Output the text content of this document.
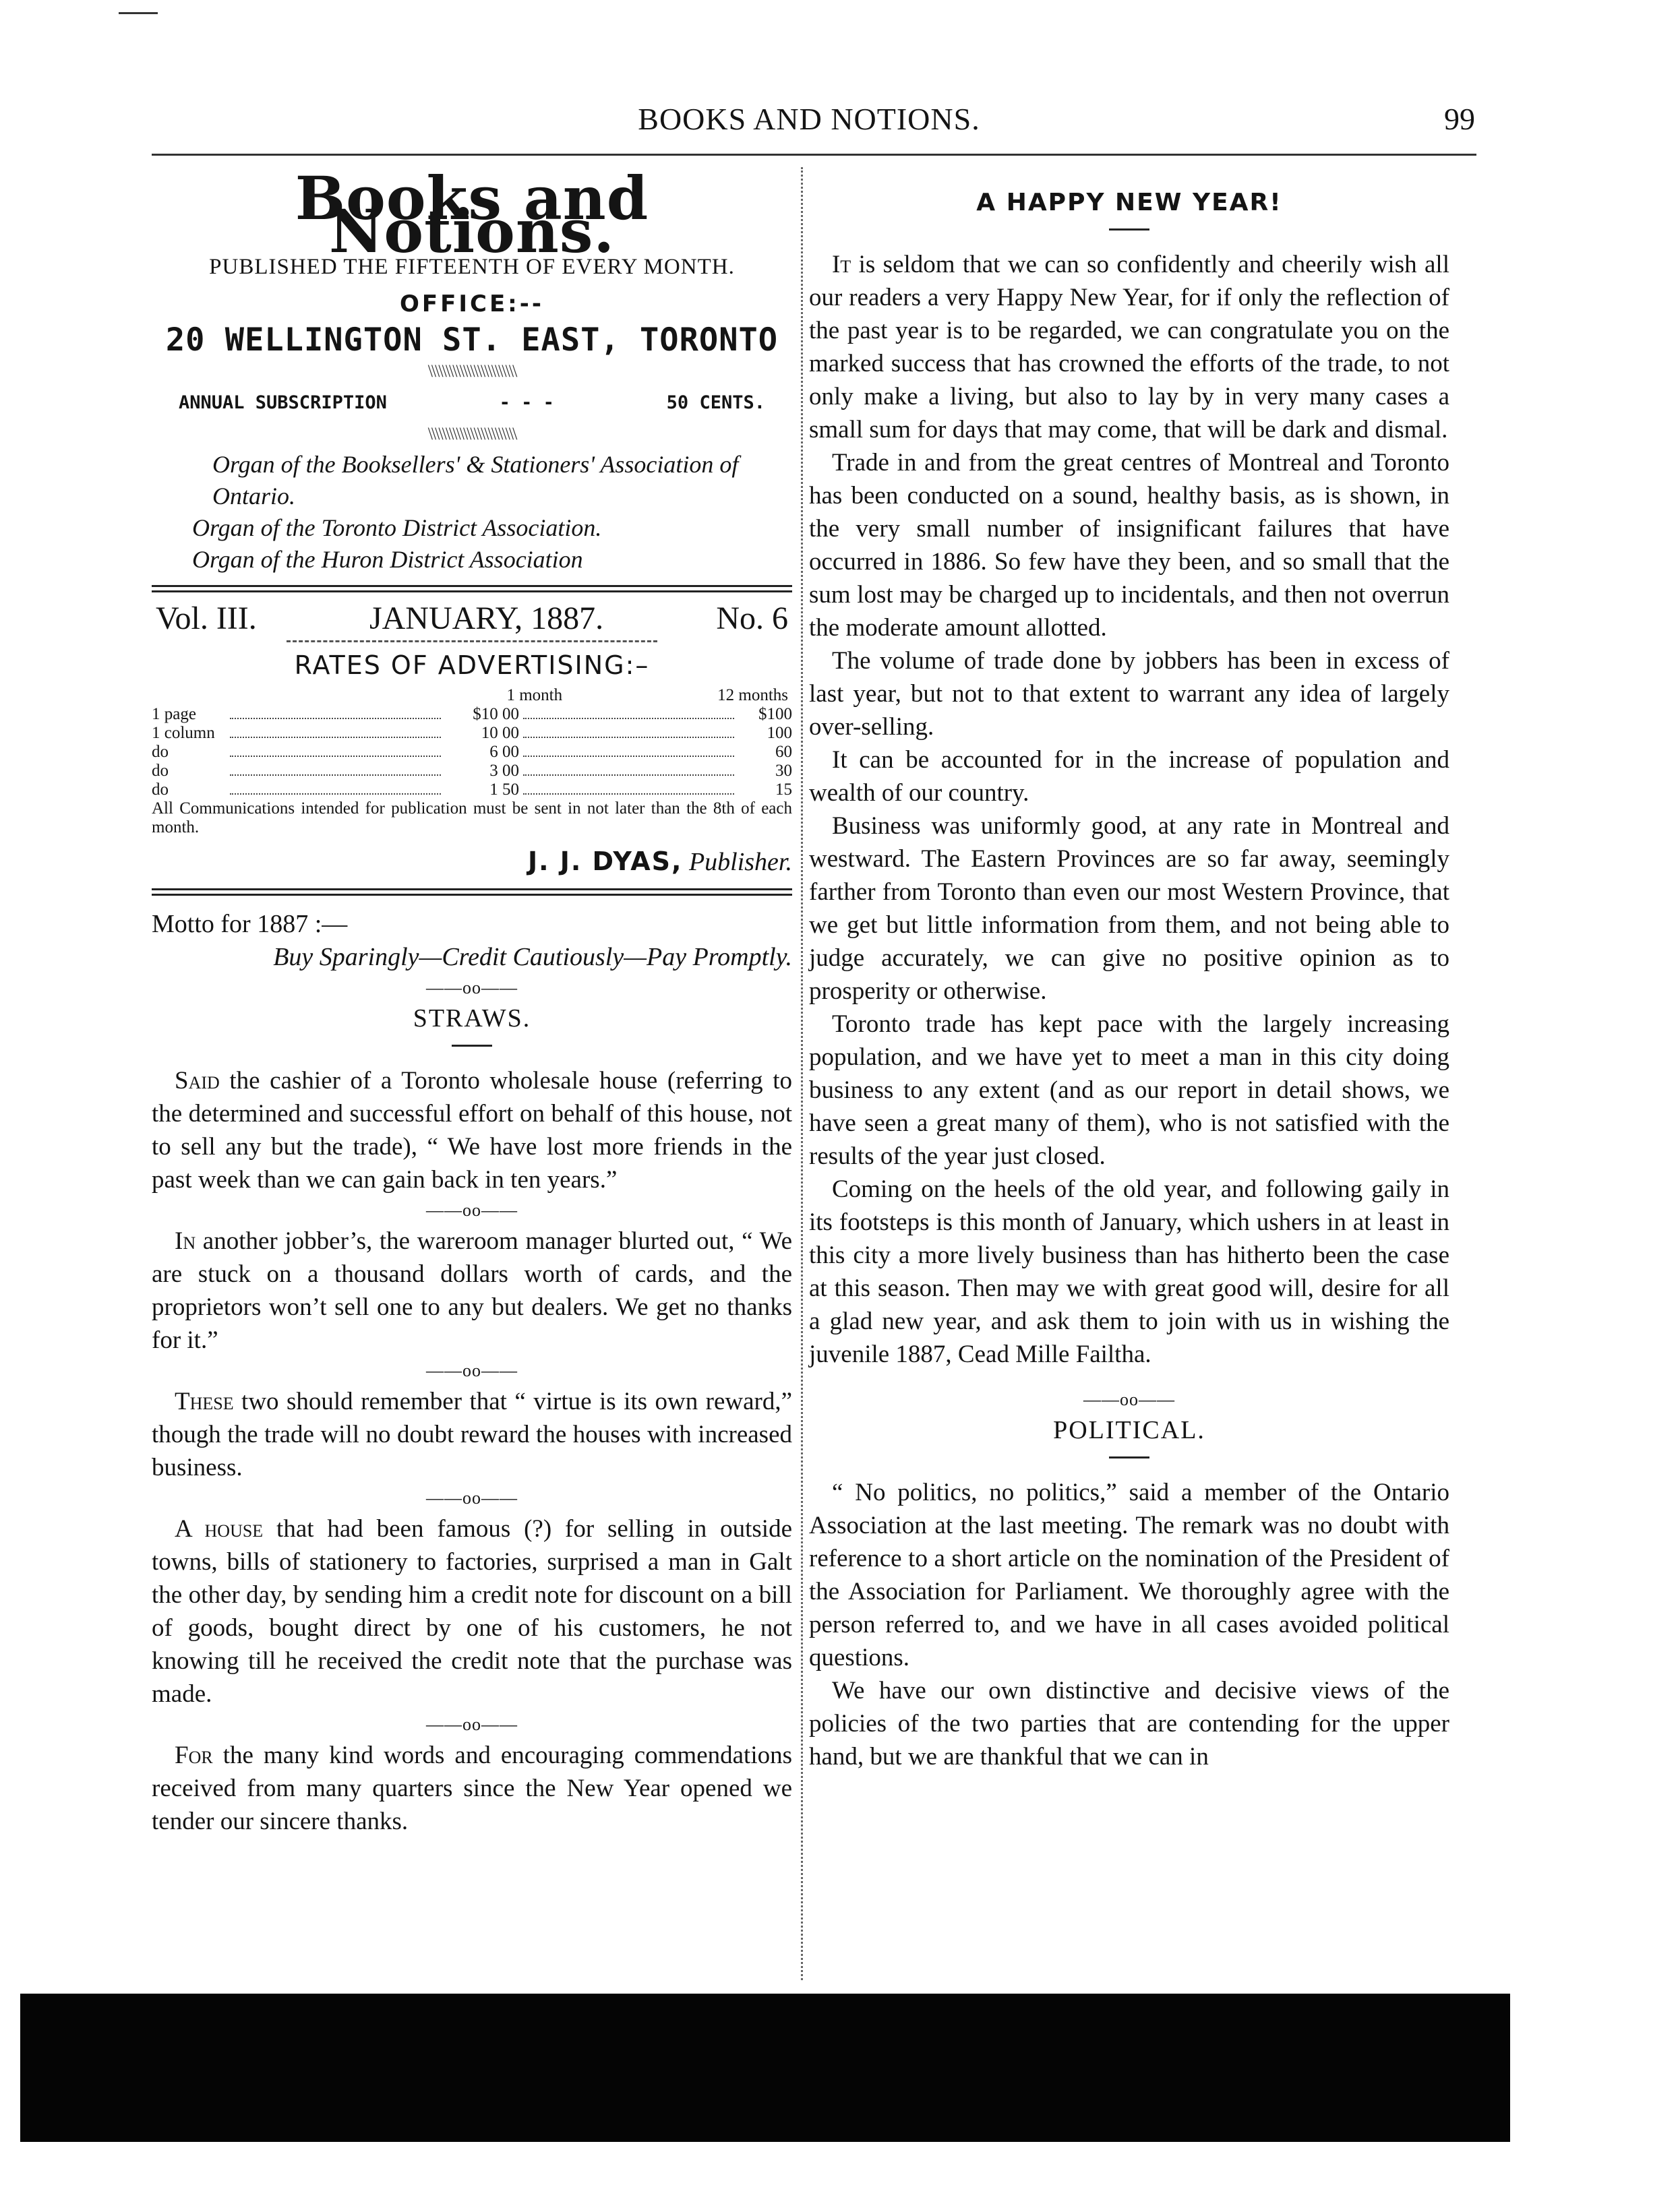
BOOKS AND NOTIONS.	99
Books and Notions.
PUBLISHED THE FIFTEENTH OF EVERY MONTH.
OFFICE:--
20 WELLINGTON ST. EAST, TORONTO
\\\\\\\\\\\\\\\\\\\\\\\\\
ANNUAL SUBSCRIPTION	- - -	50 CENTS.
\\\\\\\\\\\\\\\\\\\\\\\\\

Organ of the Booksellers' & Stationers' Association of Ontario.

Organ of the Toronto District Association.

Organ of the Huron District Association

Vol. III.	JANUARY, 1887.	No. 6
RATES OF ADVERTISING:–
1 month	12 months
1 page	$10 00	$100
1 column	10 00	100
do	6 00	60
do	3 00	30
do	1 50	15
All Communications intended for publication must be sent in not later than the 8th of each month.
J. J. DYAS, Publisher.
Motto for 1887 :—
Buy Sparingly—Credit Cautiously—Pay Promptly.
——oo——
STRAWS.

Said the cashier of a Toronto wholesale house (referring to the determined and successful effort on behalf of this house, not to sell any but the trade), “ We have lost more friends in the past week than we can gain back in ten years.”

——oo——

In another jobber’s, the wareroom manager blurted out, “ We are stuck on a thousand dollars worth of cards, and the proprietors won’t sell one to any but dealers. We get no thanks for it.”

——oo——

These two should remember that “ virtue is its own reward,” though the trade will no doubt reward the houses with increased business.

——oo——

A house that had been famous (?) for selling in outside towns, bills of stationery to factories, surprised a man in Galt the other day, by sending him a credit note for discount on a bill of goods, bought direct by one of his customers, he not knowing till he received the credit note that the purchase was made.

——oo——

For the many kind words and encouraging commendations received from many quarters since the New Year opened we tender our sincere thanks.

A HAPPY NEW YEAR!

It is seldom that we can so confidently and cheerily wish all our readers a very Happy New Year, for if only the reflection of the past year is to be regarded, we can congratulate you on the marked success that has crowned the efforts of the trade, to not only make a living, but also to lay by in very many cases a small sum for days that may come, that will be dark and dismal.

Trade in and from the great centres of Montreal and Toronto has been conducted on a sound, healthy basis, as is shown, in the very small number of insignificant failures that have occurred in 1886. So few have they been, and so small that the sum lost may be charged up to incidentals, and then not overrun the moderate amount allotted.

The volume of trade done by jobbers has been in excess of last year, but not to that extent to warrant any idea of largely over-selling.

It can be accounted for in the increase of population and wealth of our country.

Business was uniformly good, at any rate in Montreal and westward. The Eastern Provinces are so far away, seemingly farther from Toronto than even our most Western Province, that we get but little information from them, and not being able to judge accurately, we can give no positive opinion as to prosperity or otherwise.

Toronto trade has kept pace with the largely increasing population, and we have yet to meet a man in this city doing business to any extent (and as our report in detail shows, we have seen a great many of them), who is not satisfied with the results of the year just closed.

Coming on the heels of the old year, and following gaily in its footsteps is this month of January, which ushers in at least in this city a more lively business than has hitherto been the case at this season. Then may we with great good will, desire for all a glad new year, and ask them to join with us in wishing the juvenile 1887, Cead Mille Failtha.

——oo——
POLITICAL.

“ No politics, no politics,” said a member of the Ontario Association at the last meeting. The remark was no doubt with reference to a short article on the nomination of the President of the Association for Parliament. We thoroughly agree with the person referred to, and we have in all cases avoided political questions.

We have our own distinctive and decisive views of the policies of the two parties that are contending for the upper hand, but we are thankful that we can in
